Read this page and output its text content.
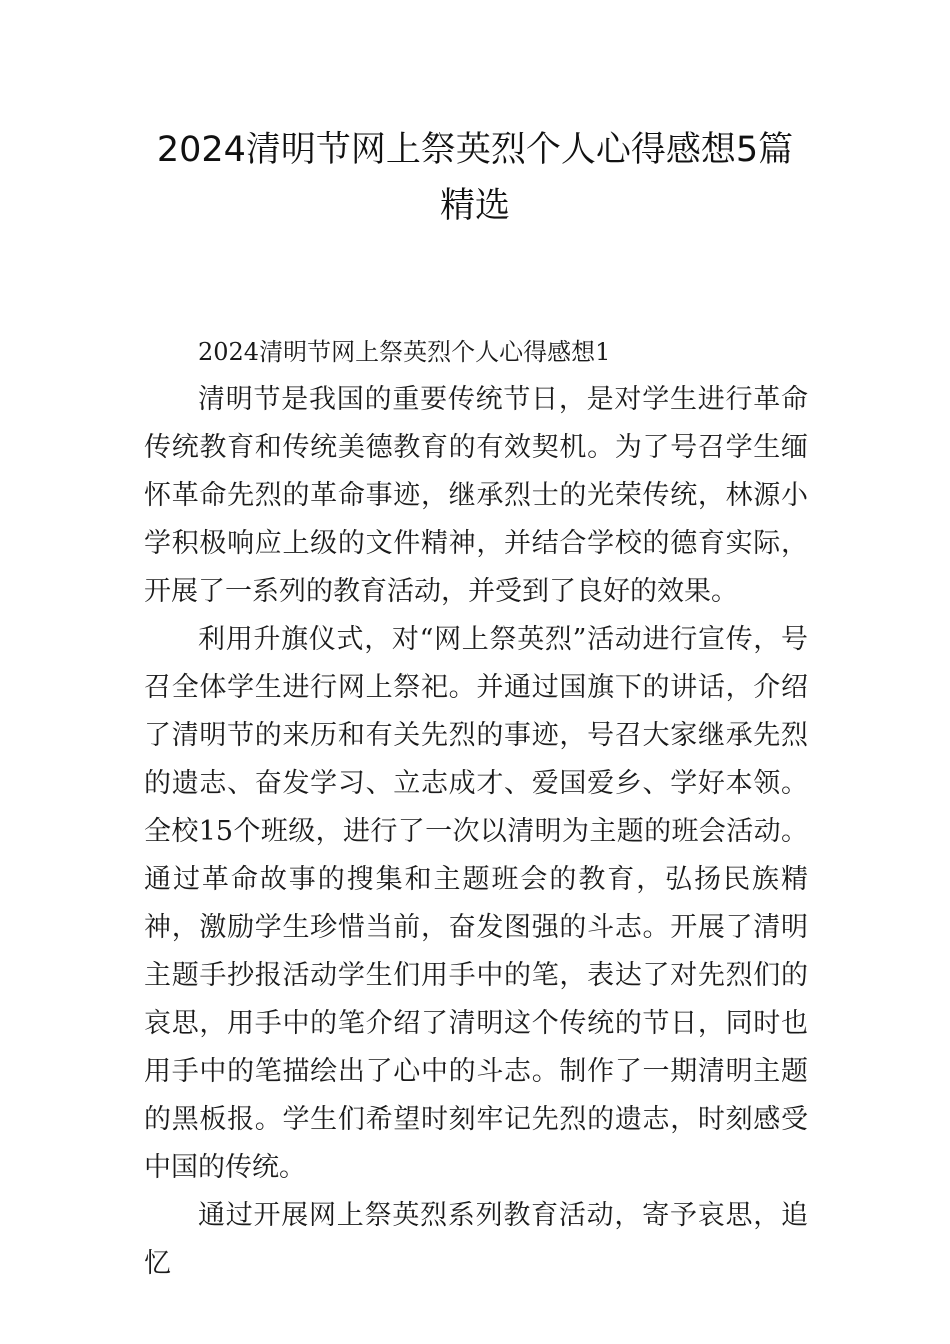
2024清明节网上祭英烈个人心得感想5篇精选

2024清明节网上祭英烈个人心得感想1

清明节是我国的重要传统节日，是对学生进行革命传统教育和传统美德教育的有效契机。为了号召学生缅怀革命先烈的革命事迹，继承烈士的光荣传统，林源小学积极响应上级的文件精神，并结合学校的德育实际，开展了一系列的教育活动，并受到了良好的效果。

利用升旗仪式，对“网上祭英烈”活动进行宣传，号召全体学生进行网上祭祀。并通过国旗下的讲话，介绍了清明节的来历和有关先烈的事迹，号召大家继承先烈的遗志、奋发学习、立志成才、爱国爱乡、学好本领。全校15个班级，进行了一次以清明为主题的班会活动。通过革命故事的搜集和主题班会的教育，弘扬民族精神，激励学生珍惜当前，奋发图强的斗志。开展了清明主题手抄报活动学生们用手中的笔，表达了对先烈们的哀思，用手中的笔介绍了清明这个传统的节日，同时也用手中的笔描绘出了心中的斗志。制作了一期清明主题的黑板报。学生们希望时刻牢记先烈的遗志，时刻感受中国的传统。

通过开展网上祭英烈系列教育活动，寄予哀思，追忆
